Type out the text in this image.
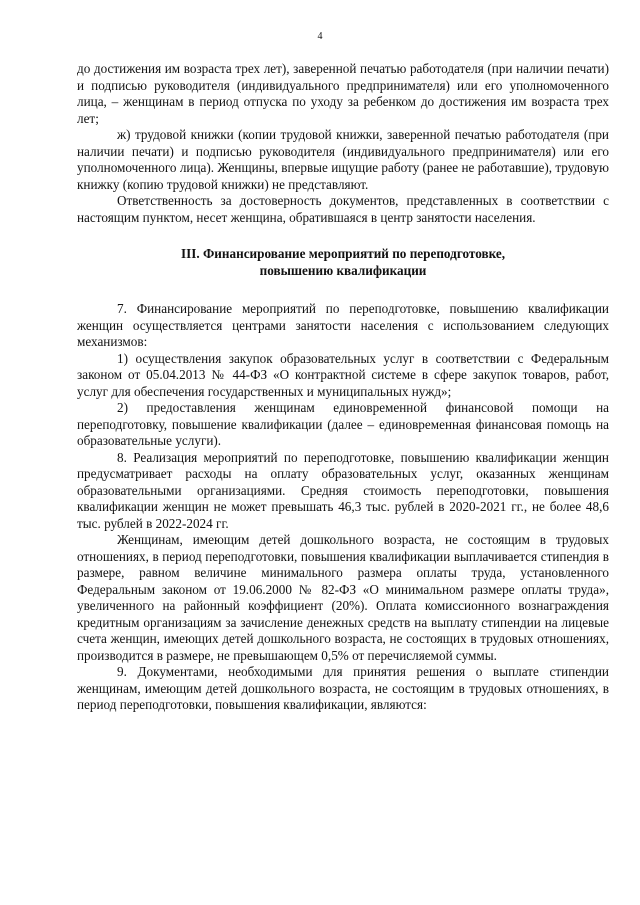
4

до достижения им возраста трех лет), заверенной печатью работодателя (при наличии печати) и подписью руководителя (индивидуального предпринимателя) или его уполномоченного лица, – женщинам в период отпуска по уходу за ребенком до достижения им возраста трех лет;

ж) трудовой книжки (копии трудовой книжки, заверенной печатью работодателя (при наличии печати) и подписью руководителя (индивидуального предпринимателя) или его уполномоченного лица). Женщины, впервые ищущие работу (ранее не работавшие), трудовую книжку (копию трудовой книжки) не представляют.

Ответственность за достоверность документов, представленных в соответствии с настоящим пунктом, несет женщина, обратившаяся в центр занятости населения.

III. Финансирование мероприятий по переподготовке,

повышению квалификации

7. Финансирование мероприятий по переподготовке, повышению квалификации женщин осуществляется центрами занятости населения с использованием следующих механизмов:

1) осуществления закупок образовательных услуг в соответствии с Федеральным законом от 05.04.2013 № 44-ФЗ «О контрактной системе в сфере закупок товаров, работ, услуг для обеспечения государственных и муниципальных нужд»;

2) предоставления женщинам единовременной финансовой помощи на переподготовку, повышение квалификации (далее – единовременная финансовая помощь на образовательные услуги).

8. Реализация мероприятий по переподготовке, повышению квалификации женщин предусматривает расходы на оплату образовательных услуг, оказанных женщинам образовательными организациями. Средняя стоимость переподготовки, повышения квалификации женщин не может превышать 46,3 тыс. рублей в 2020-2021 гг., не более 48,6 тыс. рублей в 2022-2024 гг.

Женщинам, имеющим детей дошкольного возраста, не состоящим в трудовых отношениях, в период переподготовки, повышения квалификации выплачивается стипендия в размере, равном величине минимального размера оплаты труда, установленного Федеральным законом от 19.06.2000 № 82-ФЗ «О минимальном размере оплаты труда», увеличенного на районный коэффициент (20%). Оплата комиссионного вознаграждения кредитным организациям за зачисление денежных средств на выплату стипендии на лицевые счета женщин, имеющих детей дошкольного возраста, не состоящих в трудовых отношениях, производится в размере, не превышающем 0,5% от перечисляемой суммы.

9. Документами, необходимыми для принятия решения о выплате стипендии женщинам, имеющим детей дошкольного возраста, не состоящим в трудовых отношениях, в период переподготовки, повышения квалификации, являются:
